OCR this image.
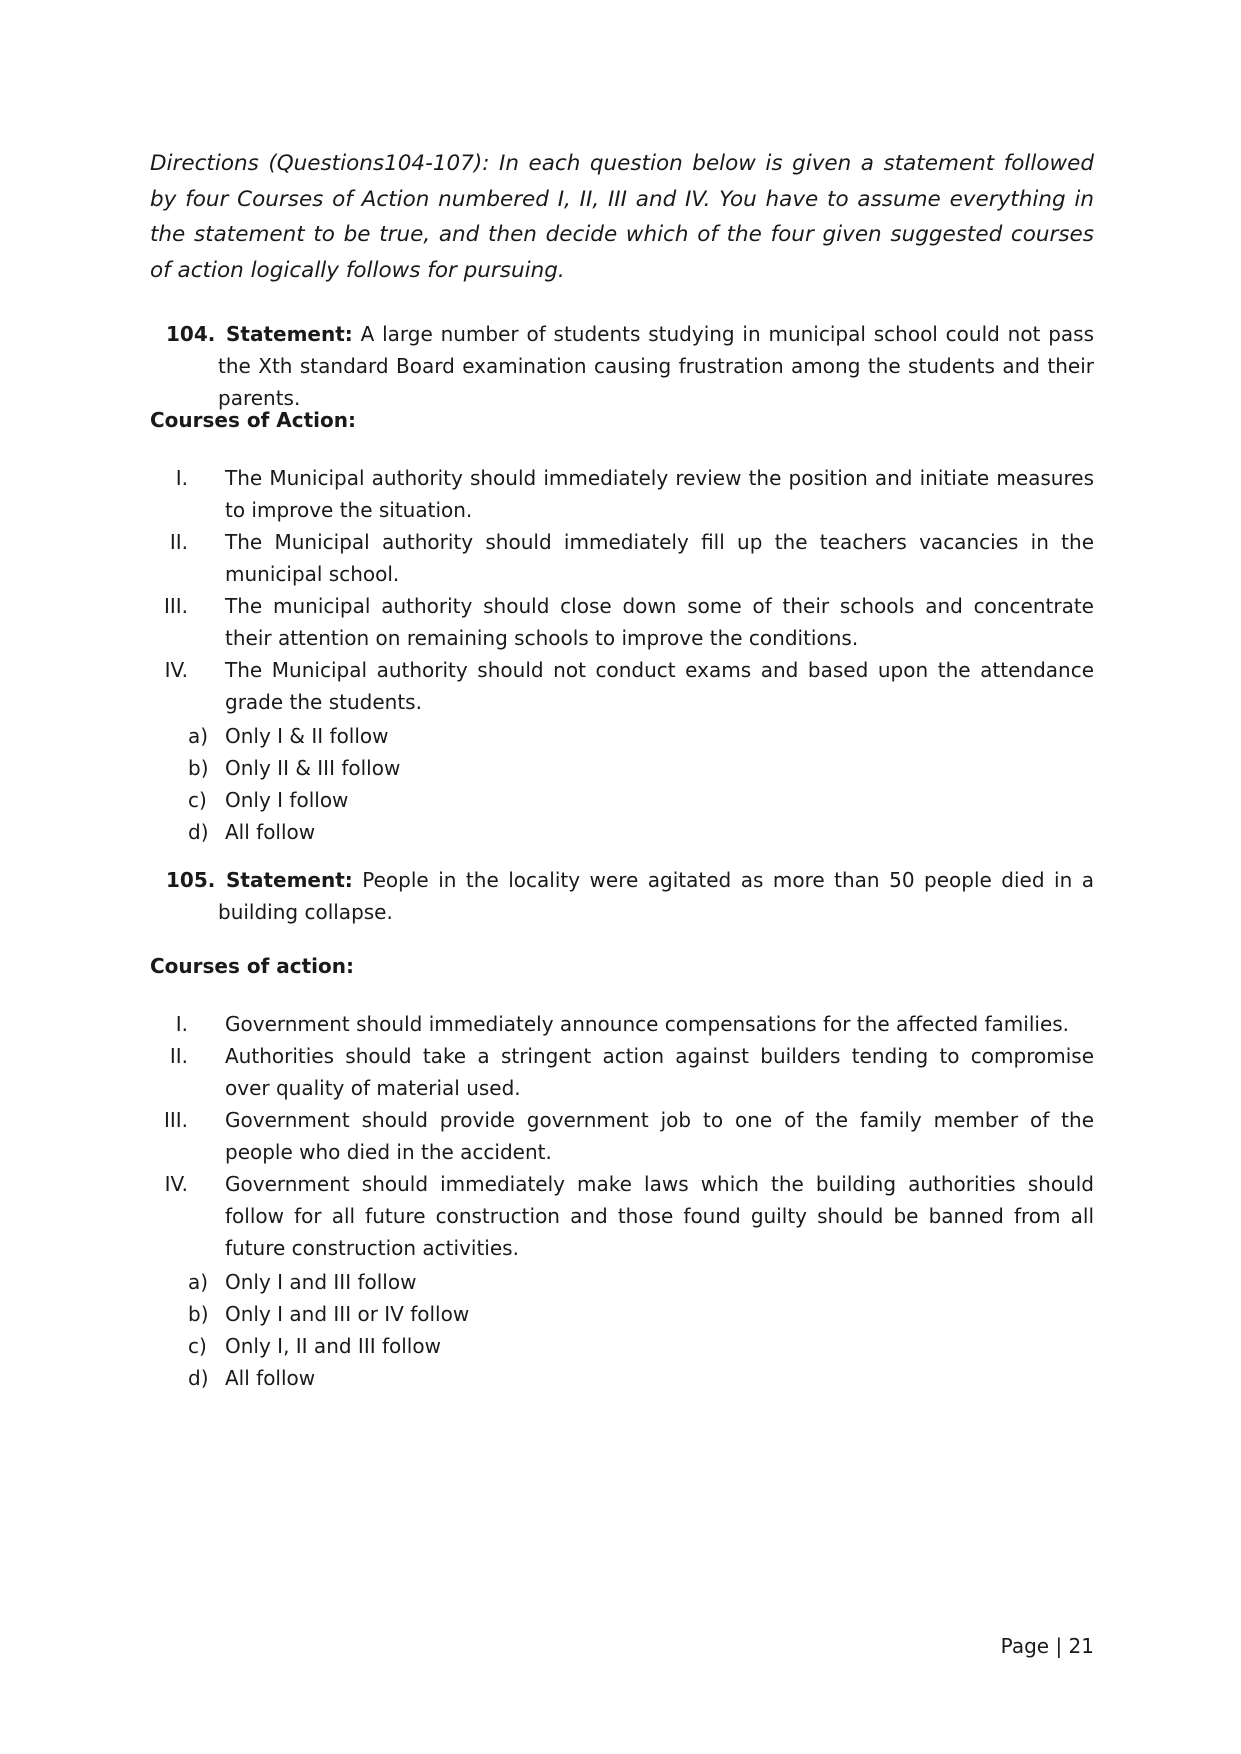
Directions (Questions104-107): In each question below is given a statement followed by four Courses of Action numbered I, II, III and IV. You have to assume everything in the statement to be true, and then decide which of the four given suggested courses of action logically follows for pursuing.

104. Statement: A large number of students studying in municipal school could not pass the Xth standard Board examination causing frustration among the students and their parents.

Courses of Action:

I. The Municipal authority should immediately review the position and initiate measures to improve the situation.
II. The Municipal authority should immediately fill up the teachers vacancies in the municipal school.
III. The municipal authority should close down some of their schools and concentrate their attention on remaining schools to improve the conditions.
IV. The Municipal authority should not conduct exams and based upon the attendance grade the students.
a) Only I & II follow
b) Only II & III follow
c) Only I follow
d) All follow
105. Statement: People in the locality were agitated as more than 50 people died in a building collapse.

Courses of action:

I. Government should immediately announce compensations for the affected families.
II. Authorities should take a stringent action against builders tending to compromise over quality of material used.
III. Government should provide government job to one of the family member of the people who died in the accident.
IV. Government should immediately make laws which the building authorities should follow for all future construction and those found guilty should be banned from all future construction activities.
a) Only I and III follow
b) Only I and III or IV follow
c) Only I, II and III follow
d) All follow
Page | 21
